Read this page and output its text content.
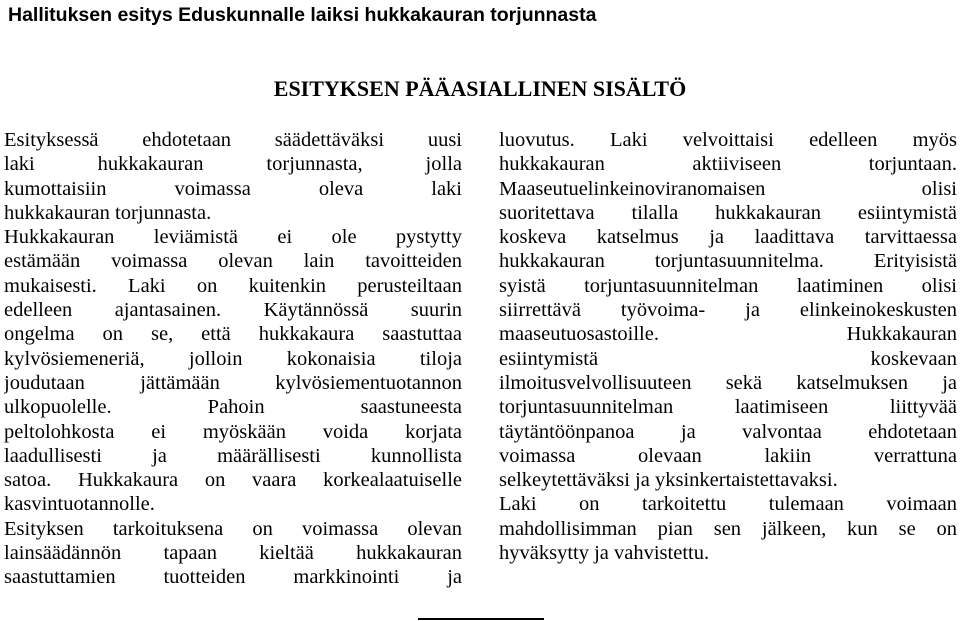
Hallituksen esitys Eduskunnalle laiksi hukkakauran torjunnasta
ESITYKSEN PÄÄASIALLINEN SISÄLTÖ
Esityksessä ehdotetaan säädettäväksi uusi
laki hukkakauran torjunnasta, jolla
kumottaisiin voimassa oleva laki
hukkakauran torjunnasta.
Hukkakauran leviämistä ei ole pystytty
estämään voimassa olevan lain tavoitteiden
mukaisesti. Laki on kuitenkin perusteiltaan
edelleen ajantasainen. Käytännössä suurin
ongelma on se, että hukkakaura saastuttaa
kylvösiemeneriä, jolloin kokonaisia tiloja
joudutaan jättämään kylvösiementuotannon
ulkopuolelle. Pahoin saastuneesta
peltolohkosta ei myöskään voida korjata
laadullisesti ja määrällisesti kunnollista
satoa. Hukkakaura on vaara korkealaatuiselle
kasvintuotannolle.
Esityksen tarkoituksena on voimassa olevan
lainsäädännön tapaan kieltää hukkakauran
saastuttamien tuotteiden markkinointi ja
luovutus. Laki velvoittaisi edelleen myös
hukkakauran aktiiviseen torjuntaan.
Maaseutuelinkeinoviranomaisen olisi
suoritettava tilalla hukkakauran esiintymistä
koskeva katselmus ja laadittava tarvittaessa
hukkakauran torjuntasuunnitelma. Erityisistä
syistä torjuntasuunnitelman laatiminen olisi
siirrettävä työvoima- ja elinkeinokeskusten
maaseutuosastoille. Hukkakauran
esiintymistä koskevaan
ilmoitusvelvollisuuteen sekä katselmuksen ja
torjuntasuunnitelman laatimiseen liittyvää
täytäntöönpanoa ja valvontaa ehdotetaan
voimassa olevaan lakiin verrattuna
selkeytettäväksi ja yksinkertaistettavaksi.
Laki on tarkoitettu tulemaan voimaan
mahdollisimman pian sen jälkeen, kun se on
hyväksytty ja vahvistettu.
